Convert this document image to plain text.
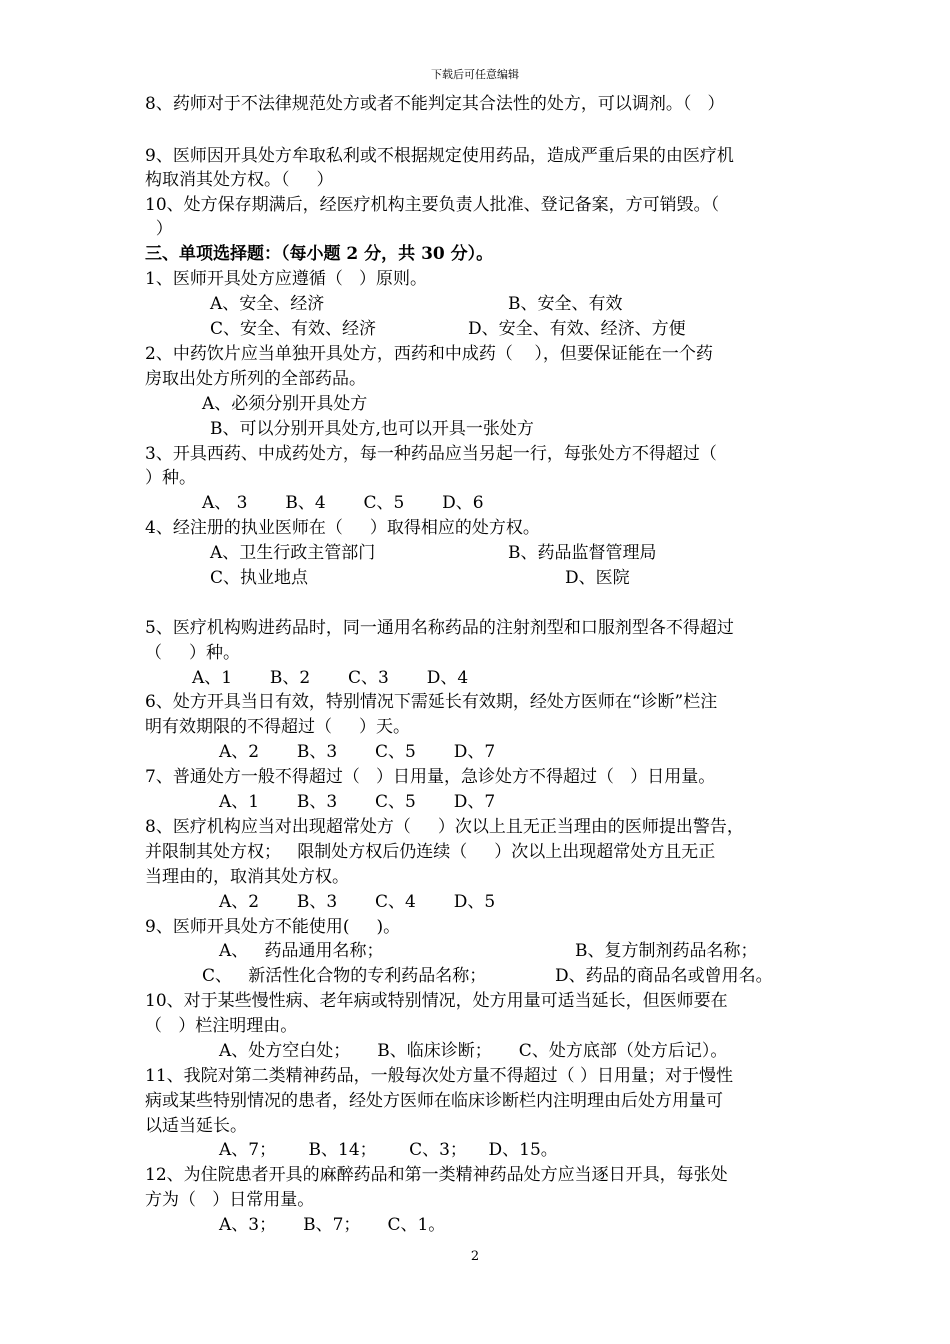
下载后可任意编辑
8、药师对于不法律规范处方或者不能判定其合法性的处方，可以调剂。（   ）
9、医师因开具处方牟取私利或不根据规定使用药品，造成严重后果的由医疗机
构取消其处方权。（     ）
10、处方保存期满后，经医疗机构主要负责人批准、登记备案，方可销毁。（
）
三、单项选择题：（每小题 2 分，共 30 分）。
1、医师开具处方应遵循（   ）原则。
A、安全、经济	B、安全、有效
C、安全、有效、经济	D、安全、有效、经济、方便
2、中药饮片应当单独开具处方，西药和中成药（    ），但要保证能在一个药
房取出处方所列的全部药品。
A、必须分别开具处方
B、可以分别开具处方,也可以开具一张处方
3、开具西药、中成药处方，每一种药品应当另起一行，每张处方不得超过（
）种。
A、 3       B、4       C、5       D、6
4、经注册的执业医师在（     ）取得相应的处方权。
A、卫生行政主管部门	B、药品监督管理局
C、执业地点	D、医院
5、医疗机构购进药品时，同一通用名称药品的注射剂型和口服剂型各不得超过
（     ）种。
A、1       B、2       C、3       D、4
6、处方开具当日有效，特别情况下需延长有效期，经处方医师在“诊断”栏注
明有效期限的不得超过（     ）天。
A、2       B、3       C、5       D、7
7、普通处方一般不得超过（   ）日用量，急诊处方不得超过（   ）日用量。
A、1       B、3       C、5       D、7
8、医疗机构应当对出现超常处方（     ）次以上且无正当理由的医师提出警告，
并限制其处方权；   限制处方权后仍连续（     ）次以上出现超常处方且无正
当理由的，取消其处方权。
A、2       B、3       C、4       D、5
9、医师开具处方不能使用(     )。
A、   药品通用名称；	B、复方制剂药品名称；
C、   新活性化合物的专利药品名称；	D、药品的商品名或曾用名。
10、对于某些慢性病、老年病或特别情况，处方用量可适当延长，但医师要在
（   ）栏注明理由。
A、处方空白处；     B、临床诊断；     C、处方底部（处方后记）。
11、我院对第二类精神药品，一般每次处方量不得超过（ ）日用量；对于慢性
病或某些特别情况的患者，经处方医师在临床诊断栏内注明理由后处方用量可
以适当延长。
A、7；      B、14；      C、3；    D、15。
12、为住院患者开具的麻醉药品和第一类精神药品处方应当逐日开具，每张处
方为（   ）日常用量。
A、3；     B、7；     C、1。
2
